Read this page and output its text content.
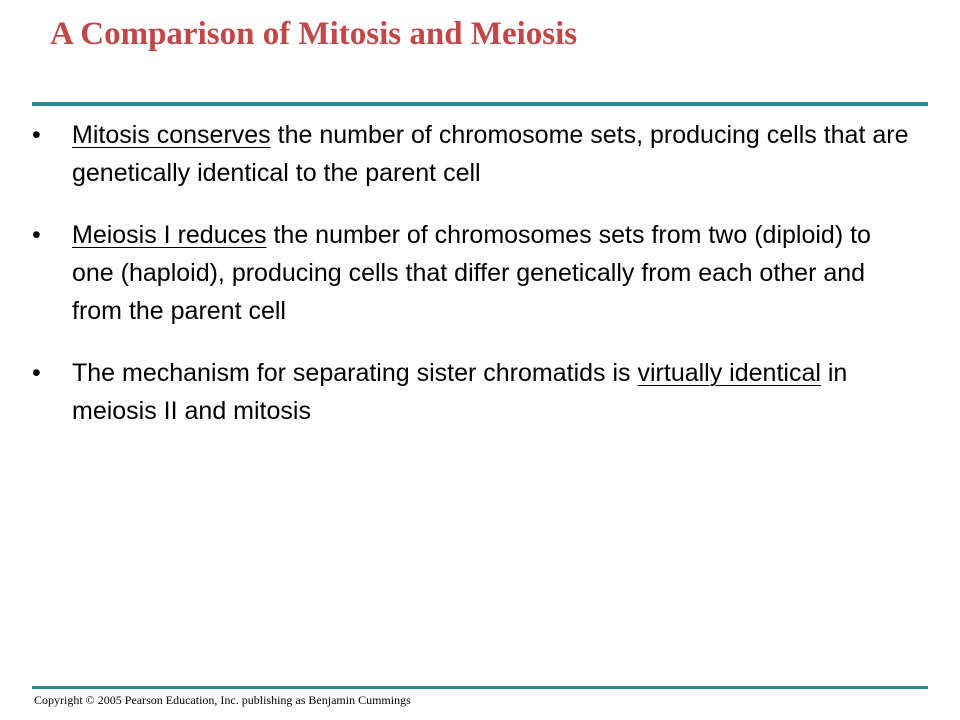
A Comparison of Mitosis and Meiosis
•	Mitosis conserves the number of chromosome sets, producing cells that are genetically identical to the parent cell
•	Meiosis I reduces the number of chromosomes sets from two (diploid) to one (haploid), producing cells that differ genetically from each other and from the parent cell
•	The mechanism for separating sister chromatids is virtually identical in meiosis II and mitosis
Copyright © 2005 Pearson Education, Inc. publishing as Benjamin Cummings
